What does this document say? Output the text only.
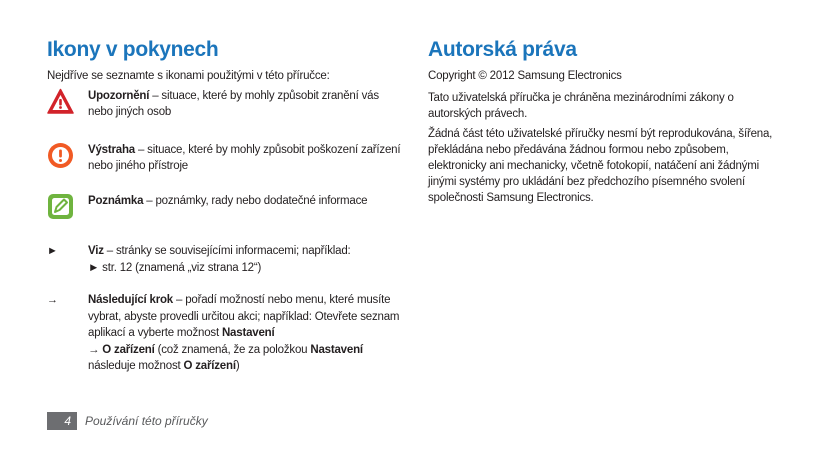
Ikony v pokynech
Nejdříve se seznamte s ikonami použitými v této příručce:
Upozornění – situace, které by mohly způsobit zranění vás nebo jiných osob
Výstraha – situace, které by mohly způsobit poškození zařízení nebo jiného přístroje
Poznámka – poznámky, rady nebo dodatečné informace
►	Viz – stránky se souvisejícími informacemi; například:
► str. 12 (znamená „viz strana 12“)
→	Následující krok – pořadí možností nebo menu, které musíte vybrat, abyste provedli určitou akci; například: Otevřete seznam aplikací a vyberte možnost Nastavení
→ O zařízení (což znamená, že za položkou Nastavení následuje možnost O zařízení)
Autorská práva
Copyright © 2012 Samsung Electronics
Tato uživatelská příručka je chráněna mezinárodními zákony o autorských právech.
Žádná část této uživatelské příručky nesmí být reprodukována, šířena, překládána nebo předávána žádnou formou nebo způsobem, elektronicky ani mechanicky, včetně fotokopií, natáčení ani žádnými jinými systémy pro ukládání bez předchozího písemného svolení společnosti Samsung Electronics.
4	Používání této příručky
